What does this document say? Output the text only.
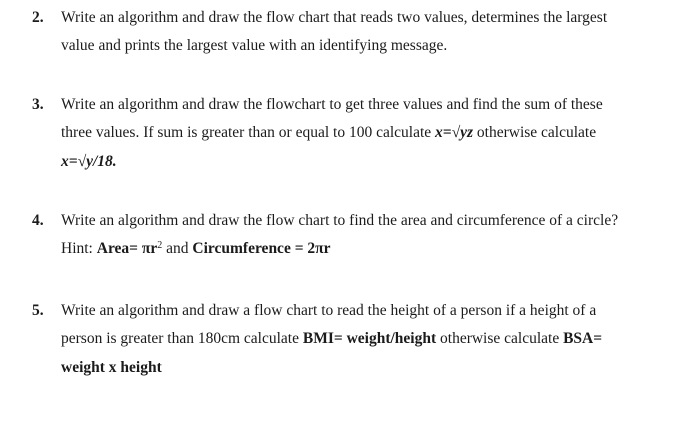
2. Write an algorithm and draw the flow chart that reads two values, determines the largest
value and prints the largest value with an identifying message.
3. Write an algorithm and draw the flowchart to get three values and find the sum of these
three values. If sum is greater than or equal to 100 calculate x=√yz otherwise calculate
x=√y/18.
4. Write an algorithm and draw the flow chart to find the area and circumference of a circle?
Hint: Area= $\pi r^2$ and Circumference = 2πr
5. Write an algorithm and draw a flow chart to read the height of a person if a height of a
person is greater than 180cm calculate BMI= weight/height otherwise calculate BSA=
weight x height
